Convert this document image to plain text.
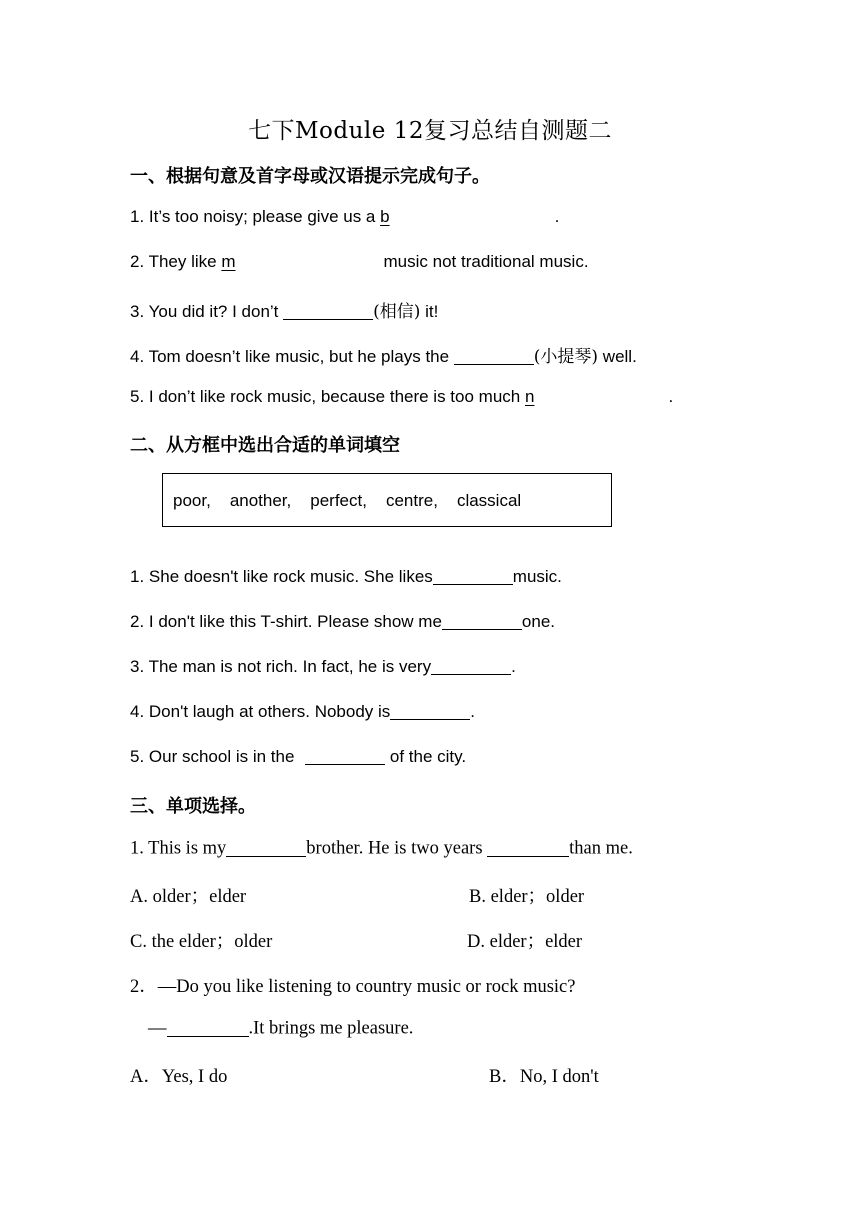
七下Module 12复习总结自测题二
一、根据句意及首字母或汉语提示完成句子。
1. It’s too noisy; please give us a b	.
2. They like m	music not traditional music.
3. You did it? I don’t	(相信) it!
4. Tom doesn’t like music, but he plays the	(小提琴) well.
5. I don’t like rock music, because there is too much n	.
二、从方框中选出合适的单词填空
poor, another, perfect, centre, classical
1. She doesn't like rock music. She likes	music.
2. I don't like this T-shirt. Please show me	one.
3. The man is not rich. In fact, he is very	.
4. Don't laugh at others. Nobody is	.
5. Our school is in the	of the city.
三、单项选择。
1. This is my	brother. He is two years	than me.
A. older；elder	B. elder；older
C. the elder；older	D. elder；elder
2．—Do you like listening to country music or rock music?
—	.It brings me pleasure.
A．Yes, I do	B．No, I don't
